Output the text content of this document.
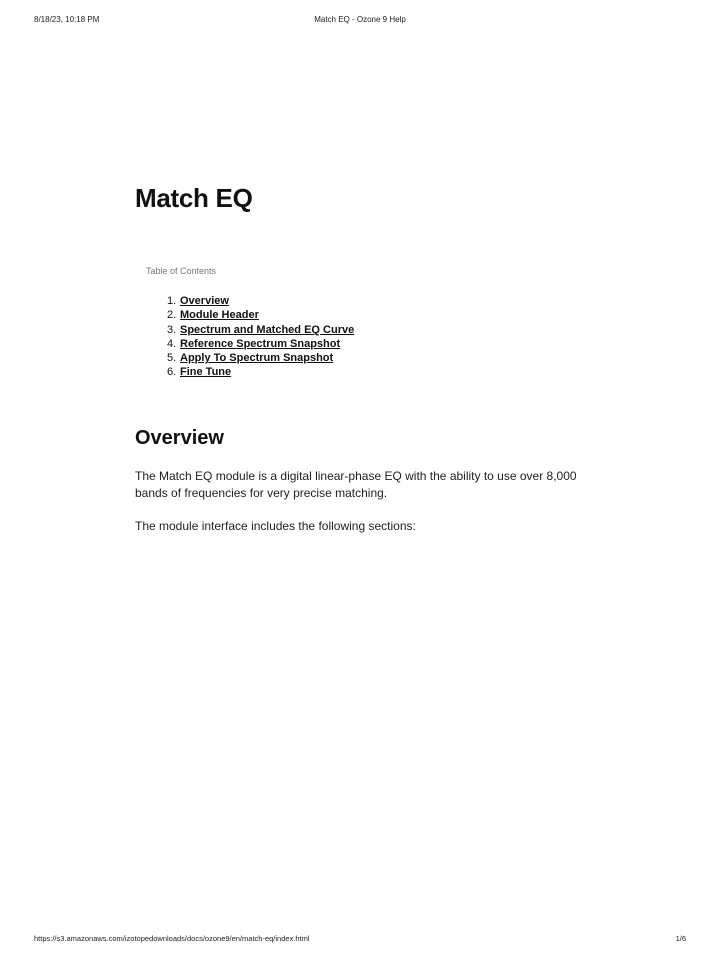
8/18/23, 10:18 PM	Match EQ - Ozone 9 Help
Match EQ
Table of Contents
1. Overview
2. Module Header
3. Spectrum and Matched EQ Curve
4. Reference Spectrum Snapshot
5. Apply To Spectrum Snapshot
6. Fine Tune
Overview

The Match EQ module is a digital linear-phase EQ with the ability to use over 8,000 bands of frequencies for very precise matching.

The module interface includes the following sections:

https://s3.amazonaws.com/izotopedownloads/docs/ozone9/en/match-eq/index.html	1/6
